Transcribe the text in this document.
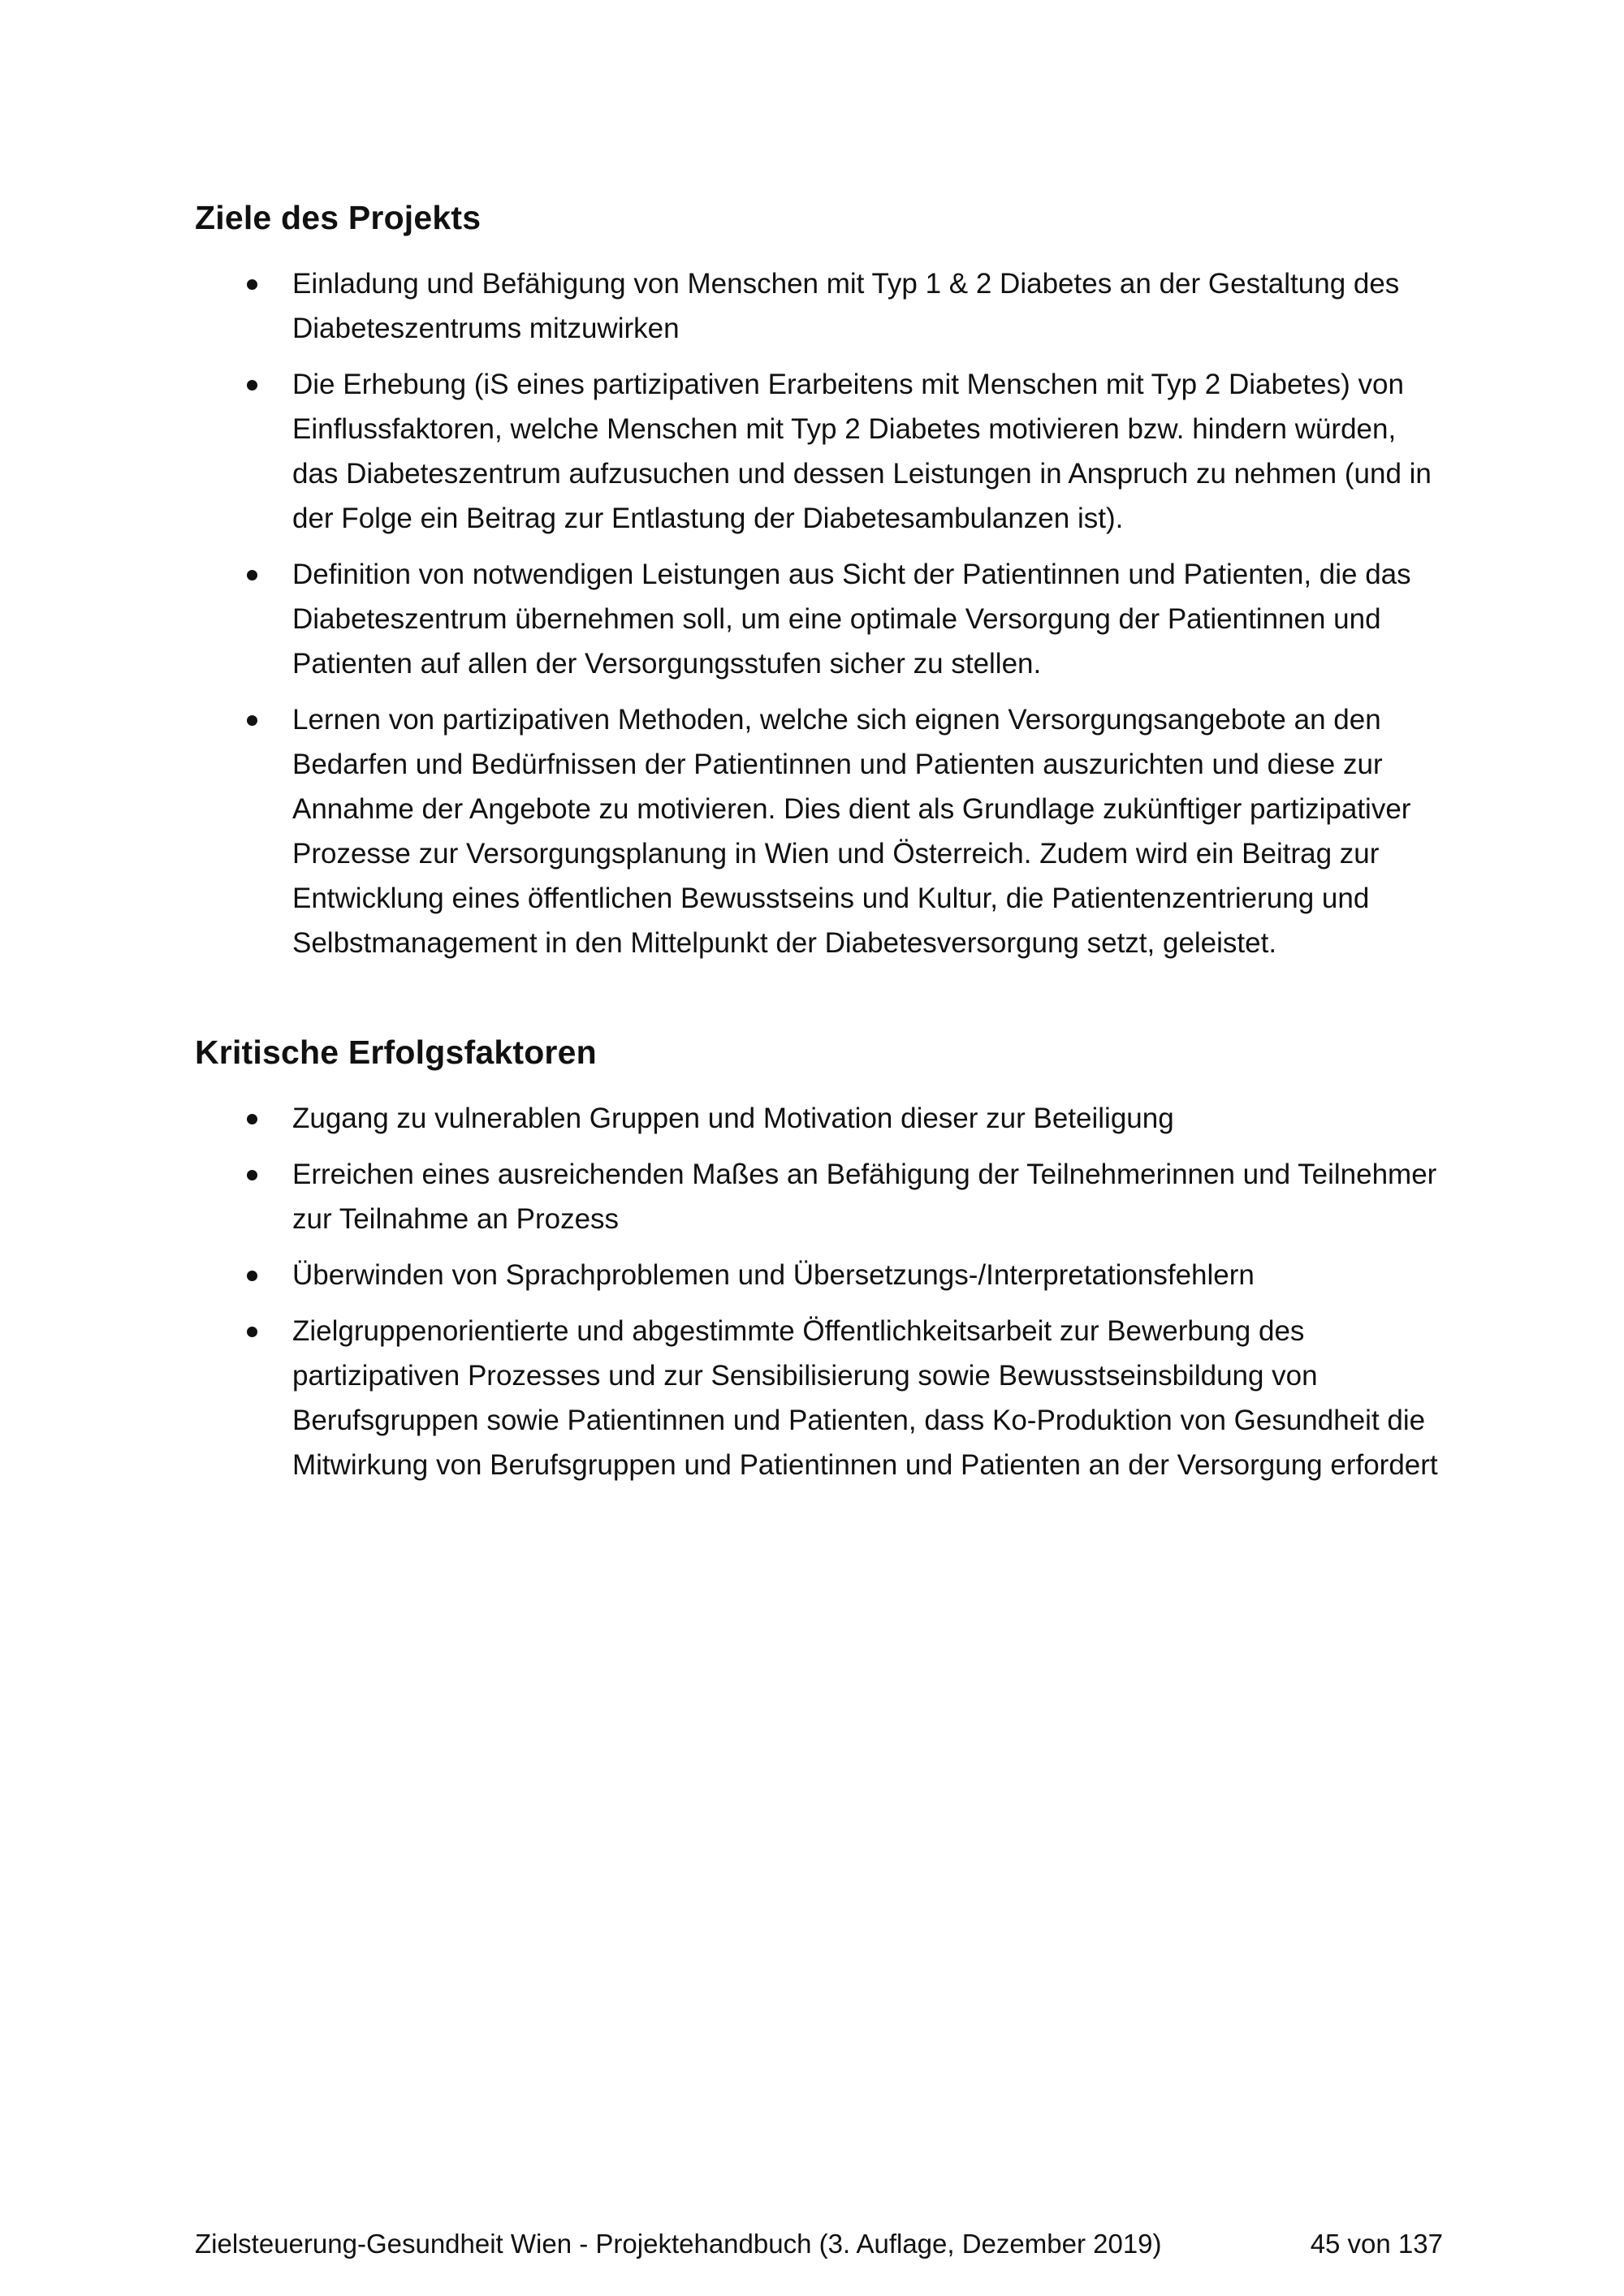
Ziele des Projekts
Einladung und Befähigung von Menschen mit Typ 1 & 2 Diabetes an der Gestaltung des Diabeteszentrums mitzuwirken
Die Erhebung (iS eines partizipativen Erarbeitens mit Menschen mit Typ 2 Diabetes) von Einflussfaktoren, welche Menschen mit Typ 2 Diabetes motivieren bzw. hindern würden, das Diabeteszentrum aufzusuchen und dessen Leistungen in Anspruch zu nehmen (und in der Folge ein Beitrag zur Entlastung der Diabetesambulanzen ist).
Definition von notwendigen Leistungen aus Sicht der Patientinnen und Patienten, die das Diabeteszentrum übernehmen soll, um eine optimale Versorgung der Patientinnen und Patienten auf allen der Versorgungsstufen sicher zu stellen.
Lernen von partizipativen Methoden, welche sich eignen Versorgungsangebote an den Bedarfen und Bedürfnissen der Patientinnen und Patienten auszurichten und diese zur Annahme der Angebote zu motivieren. Dies dient als Grundlage zukünftiger partizipativer Prozesse zur Versorgungsplanung in Wien und Österreich. Zudem wird ein Beitrag zur Entwicklung eines öffentlichen Bewusstseins und Kultur, die Patientenzentrierung und Selbstmanagement in den Mittelpunkt der Diabetesversorgung setzt, geleistet.
Kritische Erfolgsfaktoren
Zugang zu vulnerablen Gruppen und Motivation dieser zur Beteiligung
Erreichen eines ausreichenden Maßes an Befähigung der Teilnehmerinnen und Teilnehmer zur Teilnahme an Prozess
Überwinden von Sprachproblemen und Übersetzungs-/Interpretationsfehlern
Zielgruppenorientierte und abgestimmte Öffentlichkeitsarbeit zur Bewerbung des partizipativen Prozesses und zur Sensibilisierung sowie Bewusstseinsbildung von Berufsgruppen sowie Patientinnen und Patienten, dass Ko-Produktion von Gesundheit die Mitwirkung von Berufsgruppen und Patientinnen und Patienten an der Versorgung erfordert
Zielsteuerung-Gesundheit Wien - Projektehandbuch (3. Auflage, Dezember 2019)	45 von 137
